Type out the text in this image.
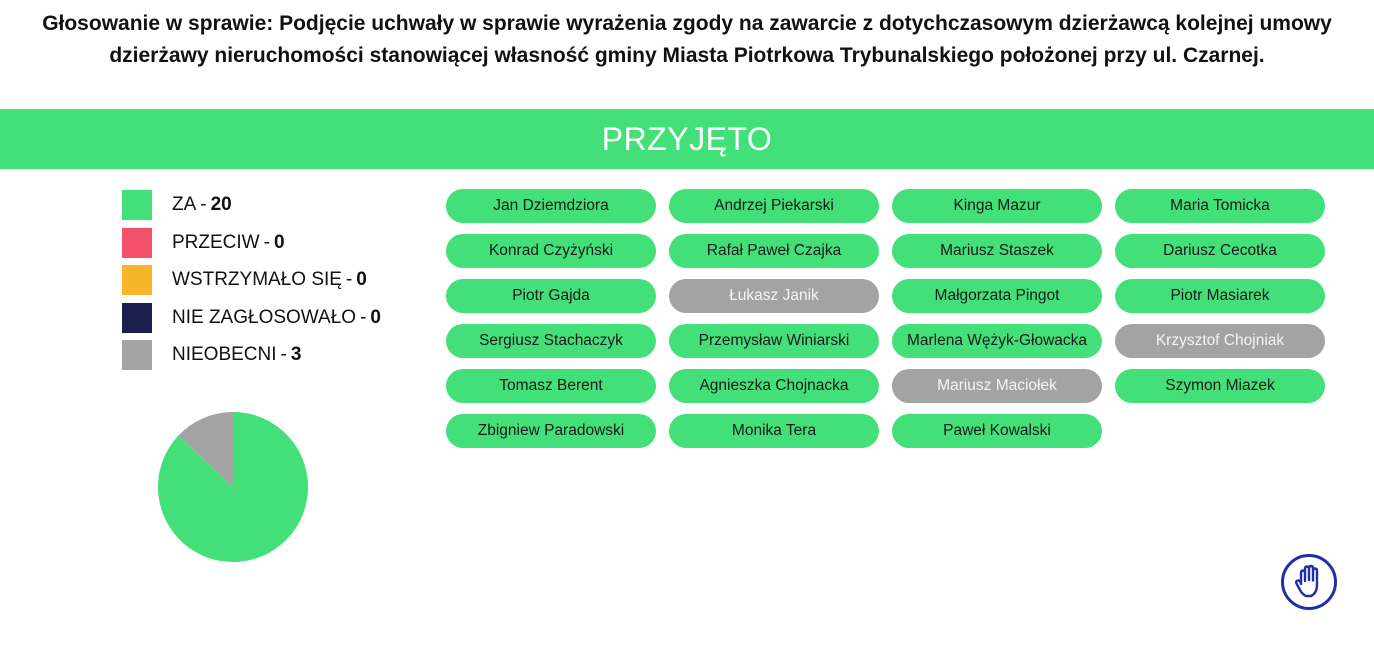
Głosowanie w sprawie: Podjęcie uchwały w sprawie wyrażenia zgody na zawarcie z dotychczasowym dzierżawcą kolejnej umowy dzierżawy nieruchomości stanowiącej własność gminy Miasta Piotrkowa Trybunalskiego położonej przy ul. Czarnej.
PRZYJĘTO
ZA - 20
PRZECIW - 0
WSTRZYMAŁO SIĘ - 0
NIE ZAGŁOSOWAŁO - 0
NIEOBECNI - 3
Jan Dziemdziora	Andrzej Piekarski	Kinga Mazur	Maria Tomicka
Konrad Czyżyński	Rafał Paweł Czajka	Mariusz Staszek	Dariusz Cecotka
Piotr Gajda	Łukasz Janik	Małgorzata Pingot	Piotr Masiarek
Sergiusz Stachaczyk	Przemysław Winiarski	Marlena Wężyk-Głowacka	Krzysztof Chojniak
Tomasz Berent	Agnieszka Chojnacka	Mariusz Maciołek	Szymon Miazek
Zbigniew Paradowski	Monika Tera	Paweł Kowalski
